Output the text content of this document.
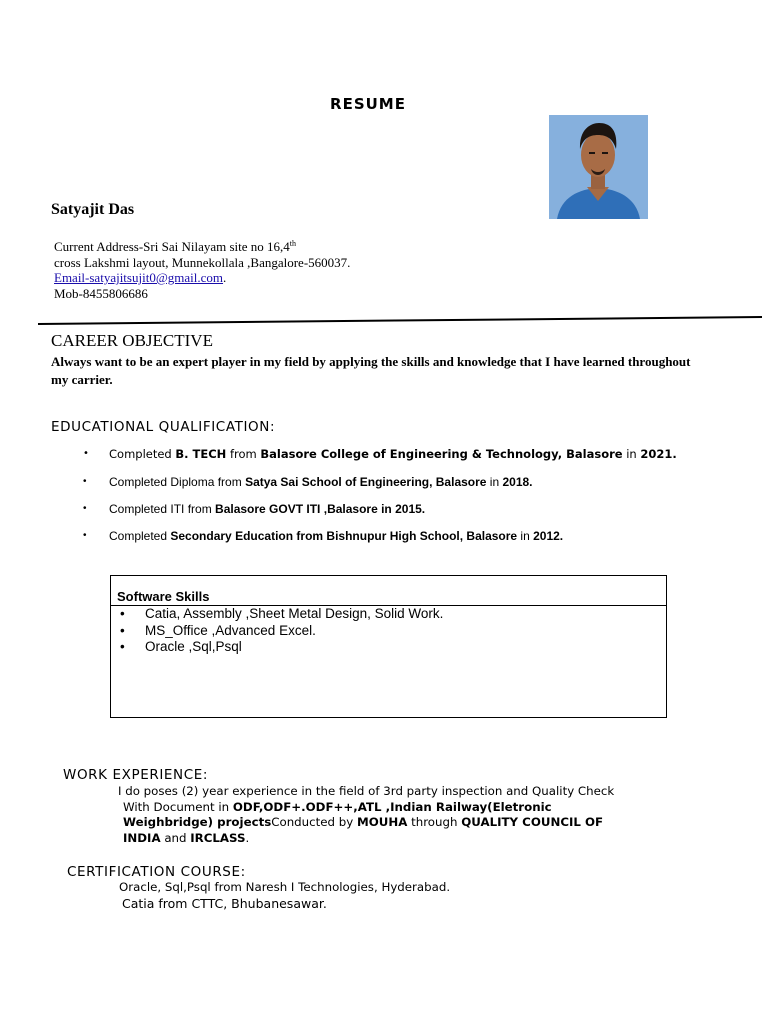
RESUME
Satyajit Das
Current Address-Sri Sai Nilayam site no 16,4th
cross Lakshmi layout, Munnekollala ,Bangalore-560037.
Email-satyajitsujit0@gmail.com.
Mob-8455806686
CAREER OBJECTIVE
Always want to be an expert player in my field by applying the skills and knowledge that I have learned throughout my carrier.
EDUCATIONAL QUALIFICATION:
• Completed B. TECH from Balasore College of Engineering & Technology, Balasore in 2021.
• Completed Diploma from Satya Sai School of Engineering, Balasore in 2018.
• Completed ITI from Balasore GOVT ITI ,Balasore in 2015.
• Completed Secondary Education from Bishnupur High School, Balasore in 2012.
Software Skills
• Catia, Assembly ,Sheet Metal Design, Solid Work.
• MS_Office ,Advanced Excel.
• Oracle ,Sql,Psql
WORK EXPERIENCE:
I do poses (2) year experience in the field of 3rd party inspection and Quality Check
With Document in ODF,ODF+.ODF++,ATL ,Indian Railway(Eletronic
Weighbridge) projectsConducted by MOUHA through QUALITY COUNCIL OF
INDIA and IRCLASS.
CERTIFICATION COURSE:
Oracle, Sql,Psql from Naresh I Technologies, Hyderabad.
Catia from CTTC, Bhubanesawar.
